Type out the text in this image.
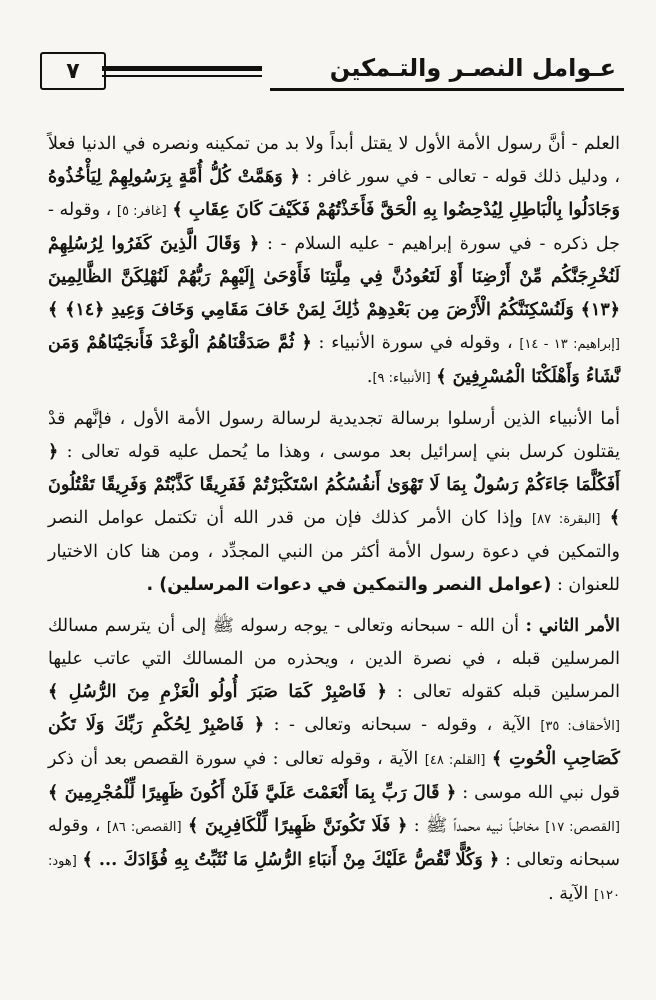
٧	عـوامل النصـر والتـمكين

العلم - أنَّ رسول الأمة الأول لا يقتل أبداً ولا بد من تمكينه ونصره في الدنيا فعلاً ، ودليل ذلك قوله - تعالى - في سور غافر : ﴿ وَهَمَّتْ كُلُّ أُمَّةٍ بِرَسُولِهِمْ لِيَأْخُذُوهُ وَجَادَلُوا بِالْبَاطِلِ لِيُدْحِضُوا بِهِ الْحَقَّ فَأَخَذْتُهُمْ فَكَيْفَ كَانَ عِقَابِ ﴾ [غافر: ٥] ، وقوله - جل ذكره - في سورة إبراهيم - عليه السلام - : ﴿ وَقَالَ الَّذِينَ كَفَرُوا لِرُسُلِهِمْ لَنُخْرِجَنَّكُم مِّنْ أَرْضِنَا أَوْ لَتَعُودُنَّ فِي مِلَّتِنَا فَأَوْحَىٰ إِلَيْهِمْ رَبُّهُمْ لَنُهْلِكَنَّ الظَّالِمِينَ ﴿١٣﴾ وَلَنُسْكِنَنَّكُمُ الْأَرْضَ مِن بَعْدِهِمْ ذَٰلِكَ لِمَنْ خَافَ مَقَامِي وَخَافَ وَعِيدِ ﴿١٤﴾ ﴾ [إبراهيم: ١٣ - ١٤] ، وقوله في سورة الأنبياء : ﴿ ثُمَّ صَدَقْنَاهُمُ الْوَعْدَ فَأَنجَيْنَاهُمْ وَمَن نَّشَاءُ وَأَهْلَكْنَا الْمُسْرِفِينَ ﴾ [الأنبياء: ٩].

أما الأنبياء الذين أرسلوا برسالة تجديدية لرسالة رسول الأمة الأول ، فإنَّهم قدْ يقتلون كرسل بني إسرائيل بعد موسى ، وهذا ما يُحمل عليه قوله تعالى : ﴿ أَفَكُلَّمَا جَاءَكُمْ رَسُولٌ بِمَا لَا تَهْوَىٰ أَنفُسُكُمُ اسْتَكْبَرْتُمْ فَفَرِيقًا كَذَّبْتُمْ وَفَرِيقًا تَقْتُلُونَ ﴾ [البقرة: ٨٧] وإذا كان الأمر كذلك فإن من قدر الله أن تكتمل عوامل النصر والتمكين في دعوة رسول الأمة أكثر من النبي المجدِّد ، ومن هنا كان الاختيار للعنوان : (عوامل النصر والتمكين في دعوات المرسلين) .

الأمر الثاني : أن الله - سبحانه وتعالى - يوجه رسوله ﷺ إلى أن يترسم مسالك المرسلين قبله ، في نصرة الدين ، ويحذره من المسالك التي عاتب عليها المرسلين قبله كقوله تعالى : ﴿ فَاصْبِرْ كَمَا صَبَرَ أُولُو الْعَزْمِ مِنَ الرُّسُلِ ﴾ [الأحقاف: ٣٥] الآية ، وقوله - سبحانه وتعالى - : ﴿ فَاصْبِرْ لِحُكْمِ رَبِّكَ وَلَا تَكُن كَصَاحِبِ الْحُوتِ ﴾ [القلم: ٤٨] الآية ، وقوله تعالى : في سورة القصص بعد أن ذكر قول نبي الله موسى : ﴿ قَالَ رَبِّ بِمَا أَنْعَمْتَ عَلَيَّ فَلَنْ أَكُونَ ظَهِيرًا لِّلْمُجْرِمِينَ ﴾ [القصص: ١٧] مخاطباً نبيه محمداً ﷺ : ﴿ فَلَا تَكُونَنَّ ظَهِيرًا لِّلْكَافِرِينَ ﴾ [القصص: ٨٦] ، وقوله سبحانه وتعالى : ﴿ وَكُلًّا نَّقُصُّ عَلَيْكَ مِنْ أَنبَاءِ الرُّسُلِ مَا نُثَبِّتُ بِهِ فُؤَادَكَ ... ﴾ [هود: ١٢٠] الآية .
